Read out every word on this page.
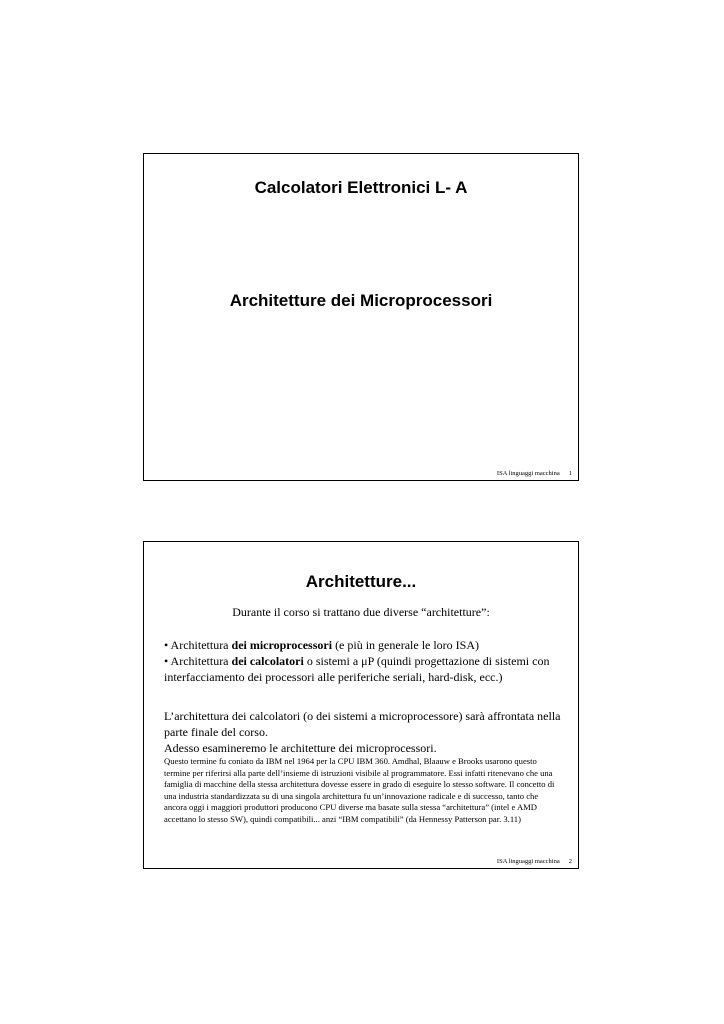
Calcolatori Elettronici L- A
Architetture dei Microprocessori
ISA linguaggi macchina 1
Architetture...
Durante il corso si trattano due diverse “architetture”:
• Architettura dei microprocessori (e più in generale le loro ISA)
• Architettura dei calcolatori o sistemi a μP (quindi progettazione di sistemi con interfacciamento dei processori alle periferiche seriali, hard-disk, ecc.)
L’architettura dei calcolatori (o dei sistemi a microprocessore) sarà affrontata nella parte finale del corso.
Adesso esamineremo le architetture dei microprocessori.
Questo termine fu coniato da IBM nel 1964 per la CPU IBM 360. Amdhal, Blaauw e Brooks usarono questo termine per riferirsi alla parte dell’insieme di istruzioni visibile al programmatore. Essi infatti ritenevano che una famiglia di macchine della stessa architettura dovesse essere in grado di eseguire lo stesso software. Il concetto di una industria standardizzata su di una singola architettura fu un’innovazione radicale e di successo, tanto che ancora oggi i maggiori produttori producono CPU diverse ma basate sulla stessa “architettura” (intel e AMD accettano lo stesso SW), quindi compatibili... anzi “IBM compatibili” (da Hennessy Patterson par. 3.11)
ISA linguaggi macchina 2
